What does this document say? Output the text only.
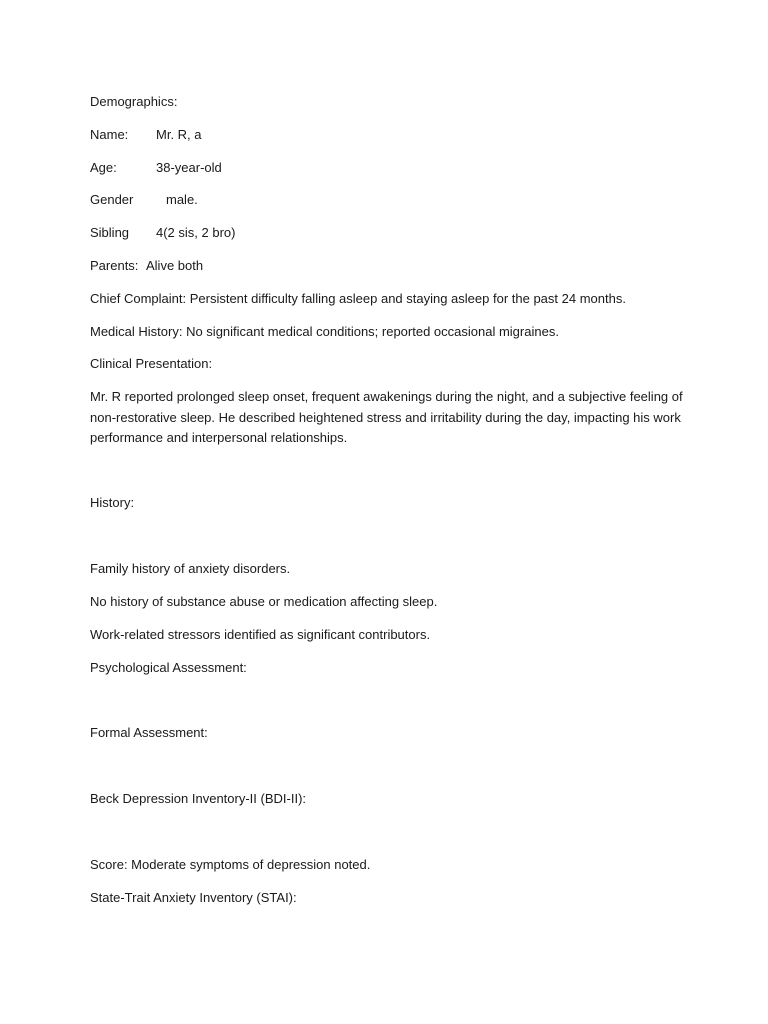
Demographics:
Name: Mr. R, a
Age:	38-year-old
Gender	male.
Sibling 4(2 sis, 2 bro)
Parents: Alive both
Chief Complaint: Persistent difficulty falling asleep and staying asleep for the past 24 months.
Medical History: No significant medical conditions; reported occasional migraines.
Clinical Presentation:
Mr. R reported prolonged sleep onset, frequent awakenings during the night, and a subjective feeling of non-restorative sleep. He described heightened stress and irritability during the day, impacting his work performance and interpersonal relationships.
History:
Family history of anxiety disorders.
No history of substance abuse or medication affecting sleep.
Work-related stressors identified as significant contributors.
Psychological Assessment:
Formal Assessment:
Beck Depression Inventory-II (BDI-II):
Score: Moderate symptoms of depression noted.
State-Trait Anxiety Inventory (STAI):
